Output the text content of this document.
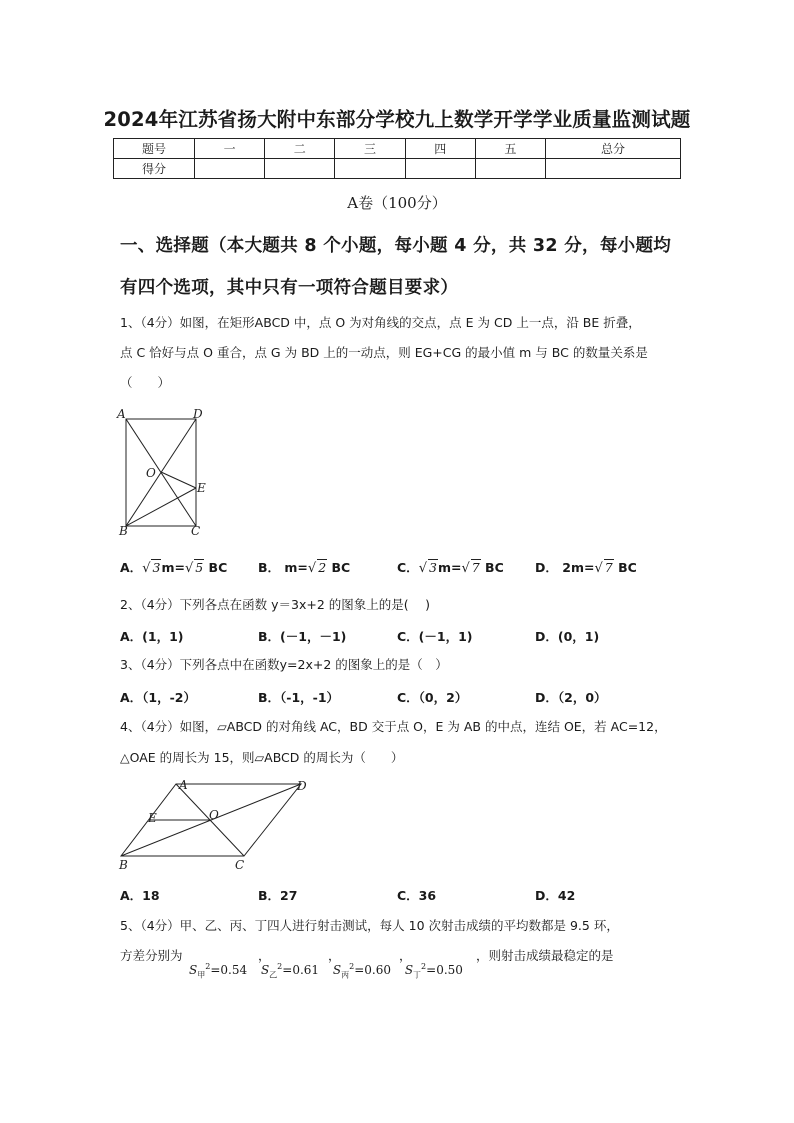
2024年江苏省扬大附中东部分学校九上数学开学学业质量监测试题
题号	一	二	三	四	五	总分
得分						
A卷（100分）
一、选择题（本大题共 8 个小题，每小题 4 分，共 32 分，每小题均
有四个选项，其中只有一项符合题目要求）
1、（4分）如图，在矩形ABCD 中，点 O 为对角线的交点，点 E 为 CD 上一点，沿 BE 折叠，
点 C 恰好与点 O 重合，点 G 为 BD 上的一动点，则 EG+CG 的最小值 m 与 BC 的数量关系是
（　　）
A	D
O
E
B	C
A．√ 3m=√ 5 BC B． m=√ 2 BC	C．√ 3m=√ 7 BC	D． 2m=√ 7 BC
2、（4分）下列各点在函数 y＝3x+2 的图象上的是(　 )
A．(1，1)	B．(－1，－1)	C．(－1，1)	D．(0，1)
3、（4分）下列各点中在函数y=2x+2 的图象上的是（　）
A．（1，-2）	B．（-1，-1）	C．（0，2）	D．（2，0）
4、（4分）如图，▱ABCD 的对角线 AC，BD 交于点 O，E 为 AB 的中点，连结 OE，若 AC=12，
△OAE 的周长为 15，则▱ABCD 的周长为（　　）
A	D
E	O
B	C
A．18	B．27	C．36	D．42
5、（4分）甲、乙、丙、丁四人进行射击测试，每人 10 次射击成绩的平均数都是 9.5 环，
方差分别为	，	，	，	，则射击成绩最稳定的是
$S_甲^2=0.54$ $S_乙^2=0.61$ $S_丙^2=0.60$ $S_丁^2=0.50$
